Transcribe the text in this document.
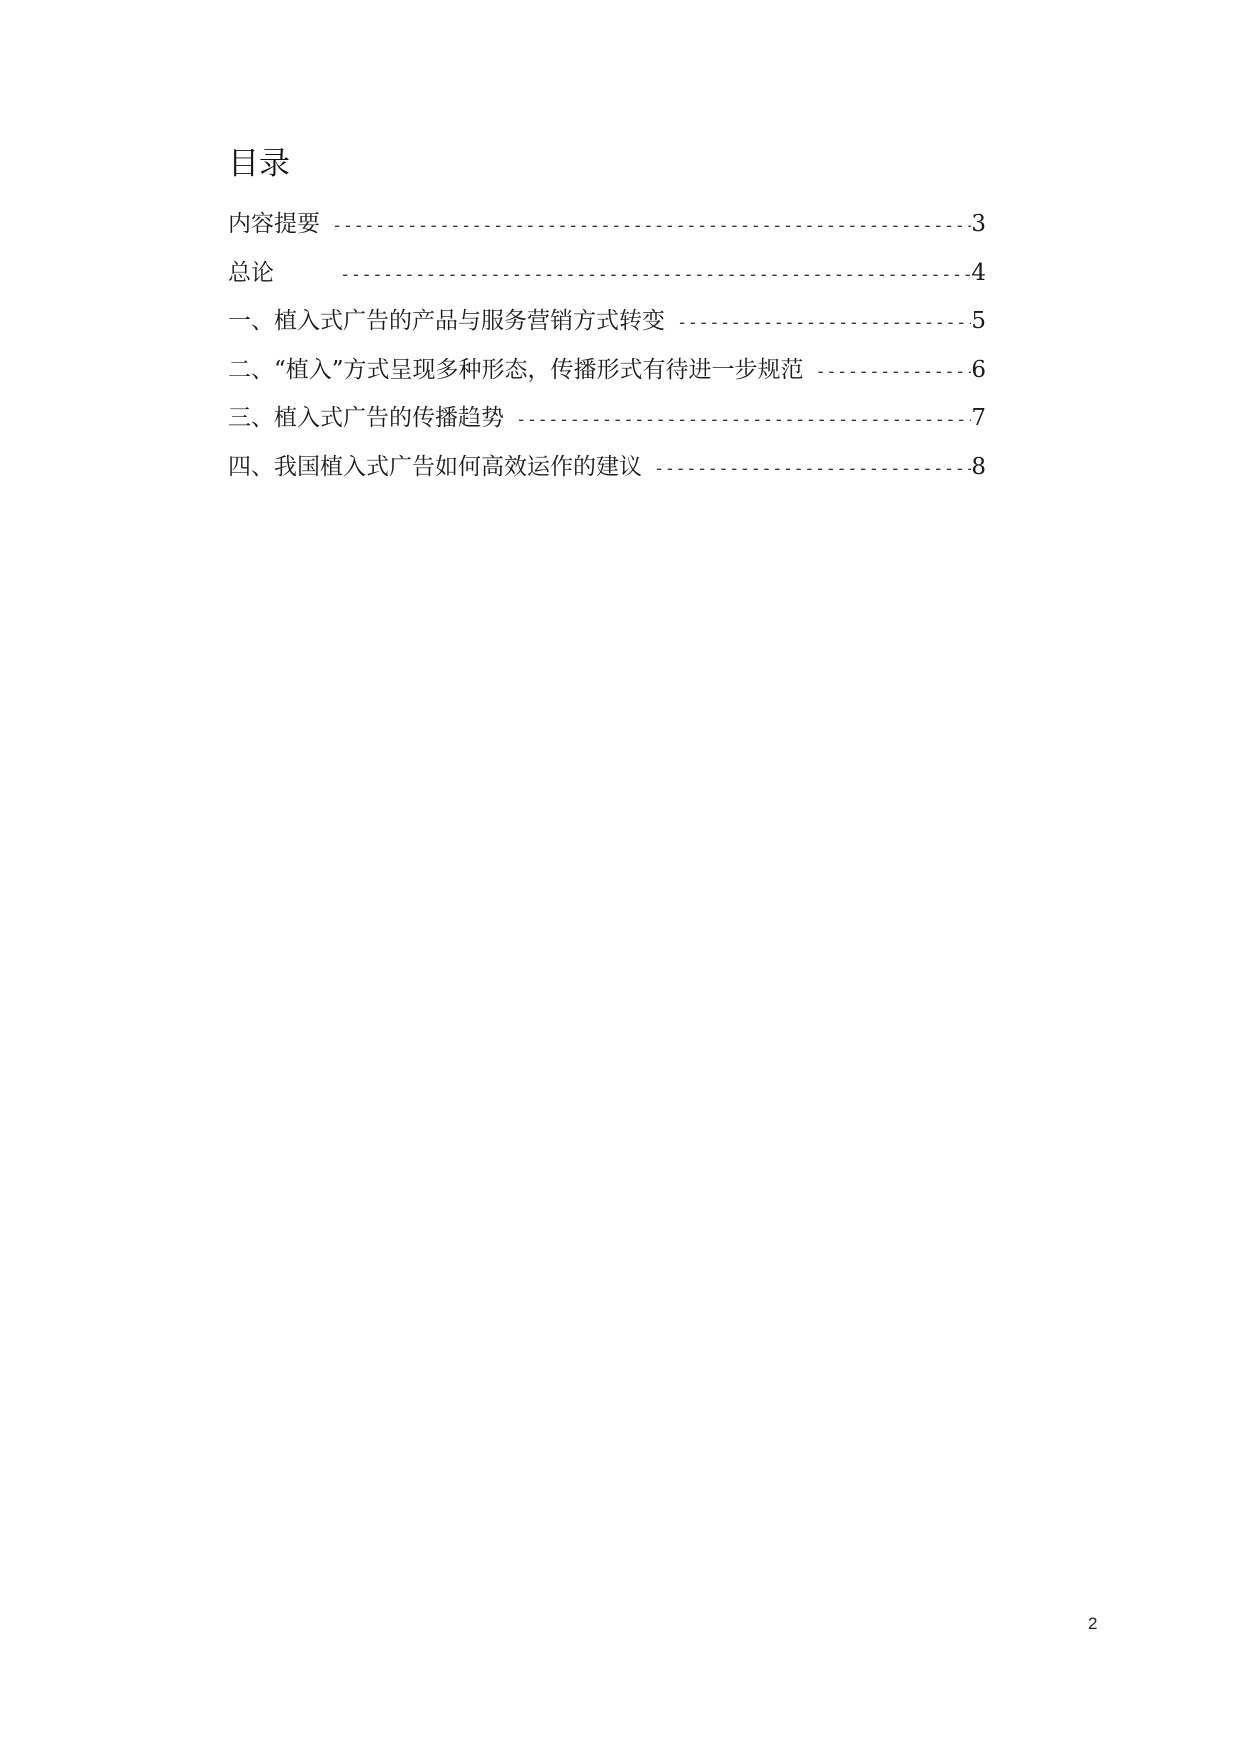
目录
内容提要 -----	3
总论 -----	4
一、植入式广告的产品与服务营销方式转变 -----	5
二、“植入”方式呈现多种形态，传播形式有待进一步规范 -----	6
三、植入式广告的传播趋势 -----	7
四、我国植入式广告如何高效运作的建议 -----	8
2
